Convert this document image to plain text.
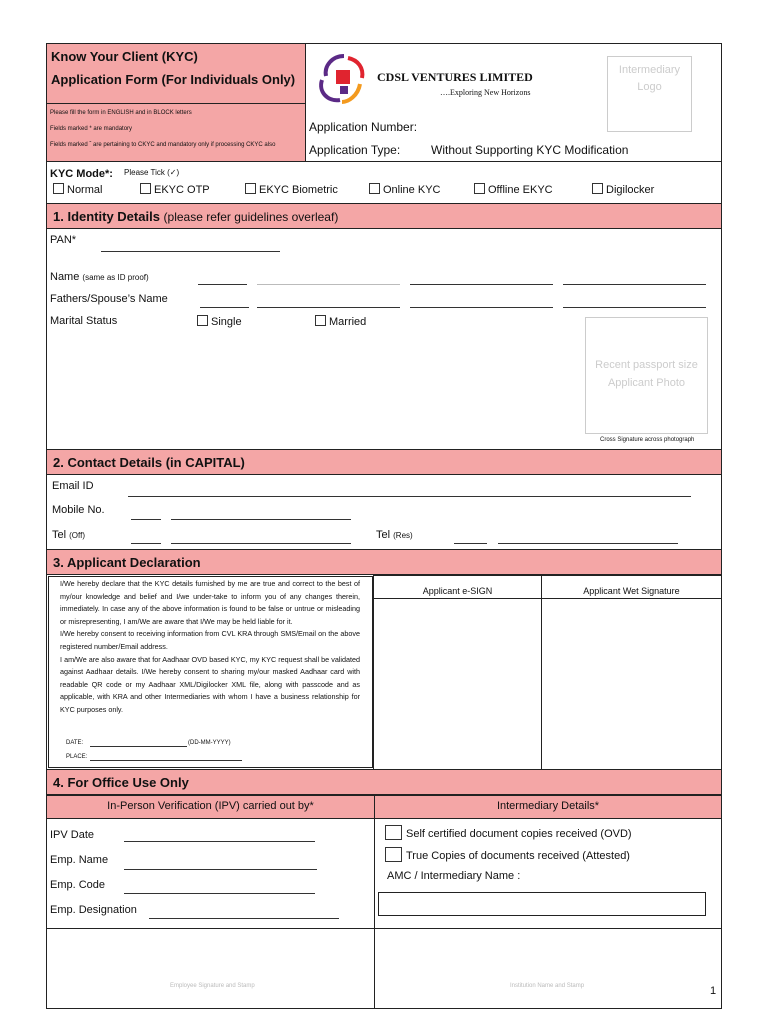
Know Your Client (KYC)
Application Form (For Individuals Only)
Please fill the form in ENGLISH and in BLOCK letters
Fields marked * are mandatory
Fields marked ˆ are pertaining to CKYC and mandatory only if processing CKYC also
CDSL VENTURES LIMITED
….Exploring New Horizons
Intermediary Logo
Application Number:
Application Type:	Without Supporting KYC Modification
KYC Mode*: Please Tick (✓)
Normal	EKYC OTP	EKYC Biometric	Online KYC	Offline EKYC	Digilocker
1. Identity Details (please refer guidelines overleaf)
PAN*
Name (same as ID proof)
Fathers/Spouse’s Name
Marital Status	Single	Married
Recent passport size Applicant Photo
Cross Signature across photograph
2. Contact Details (in CAPITAL)
Email ID
Mobile No.
Tel (Off)	Tel (Res)
3. Applicant Declaration

I/We hereby declare that the KYC details furnished by me are true and correct to the best of my/our knowledge and belief and I/we under-take to inform you of any changes therein, immediately. In case any of the above information is found to be false or untrue or misleading or misrepresenting, I am/We are aware that I/We may be held liable for it.

I/We hereby consent to receiving information from CVL KRA through SMS/Email on the above registered number/Email address.

I am/We are also aware that for Aadhaar OVD based KYC, my KYC request shall be validated against Aadhaar details. I/We hereby consent to sharing my/our masked Aadhaar card with readable QR code or my Aadhaar XML/Digilocker XML file, along with passcode and as applicable, with KRA and other Intermediaries with whom I have a business relationship for KYC purposes only.

DATE:	(DD-MM-YYYY)
PLACE:
Applicant e-SIGN	Applicant Wet Signature
4. For Office Use Only
In-Person Verification (IPV) carried out by*	Intermediary Details*
IPV Date
Emp. Name
Emp. Code
Emp. Designation
Self certified document copies received (OVD)
True Copies of documents received (Attested)
AMC / Intermediary Name :
Employee Signature and Stamp	Institution Name and Stamp	1
